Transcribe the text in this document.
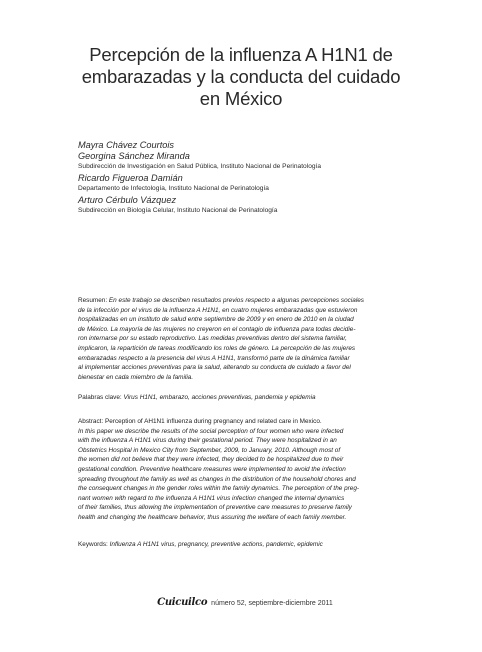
Percepción de la influenza A H1N1 de
embarazadas y la conducta del cuidado
en México
Mayra Chávez Courtois
Georgina Sánchez Miranda
Subdirección de Investigación en Salud Pública, Instituto Nacional de Perinatología
Ricardo Figueroa Damián
Departamento de Infectología, Instituto Nacional de Perinatología
Arturo Cérbulo Vázquez
Subdirección en Biología Celular, Instituto Nacional de Perinatología
Resumen: En este trabajo se describen resultados previos respecto a algunas percepciones sociales
de la infección por el virus de la influenza A H1N1, en cuatro mujeres embarazadas que estuvieron
hospitalizadas en un instituto de salud entre septiembre de 2009 y en enero de 2010 en la ciudad
de México. La mayoría de las mujeres no creyeron en el contagio de influenza para todas decidie-
ron internarse por su estado reproductivo. Las medidas preventivas dentro del sistema familiar,
implicaron, la repartición de tareas modificando los roles de género. La percepción de las mujeres
embarazadas respecto a la presencia del virus A H1N1, transformó parte de la dinámica familiar
al implementar acciones preventivas para la salud, alterando su conducta de cuidado a favor del
bienestar en cada miembro de la familia.
Palabras clave: Virus H1N1, embarazo, acciones preventivas, pandemia y epidemia
Abstract: Perception of AH1N1 influenza during pregnancy and related care in Mexico.
In this paper we describe the results of the social perception of four women who were infected
with the influenza A H1N1 virus during their gestational period. They were hospitalized in an
Obstetrics Hospital in Mexico City from September, 2009, to January, 2010. Although most of
the women did not believe that they were infected, they decided to be hospitalized due to their
gestational condition. Preventive healthcare measures were implemented to avoid the infection
spreading throughout the family as well as changes in the distribution of the household chores and
the consequent changes in the gender roles within the family dynamics. The perception of the preg-
nant women with regard to the influenza A H1N1 virus infection changed the internal dynamics
of their families, thus allowing the implementation of preventive care measures to preserve family
health and changing the healthcare behavior, thus assuring the welfare of each family member.
Keywords: Influenza A H1N1 virus, pregnancy, preventive actions, pandemic, epidemic
Cuicuilco número 52, septiembre-diciembre 2011
